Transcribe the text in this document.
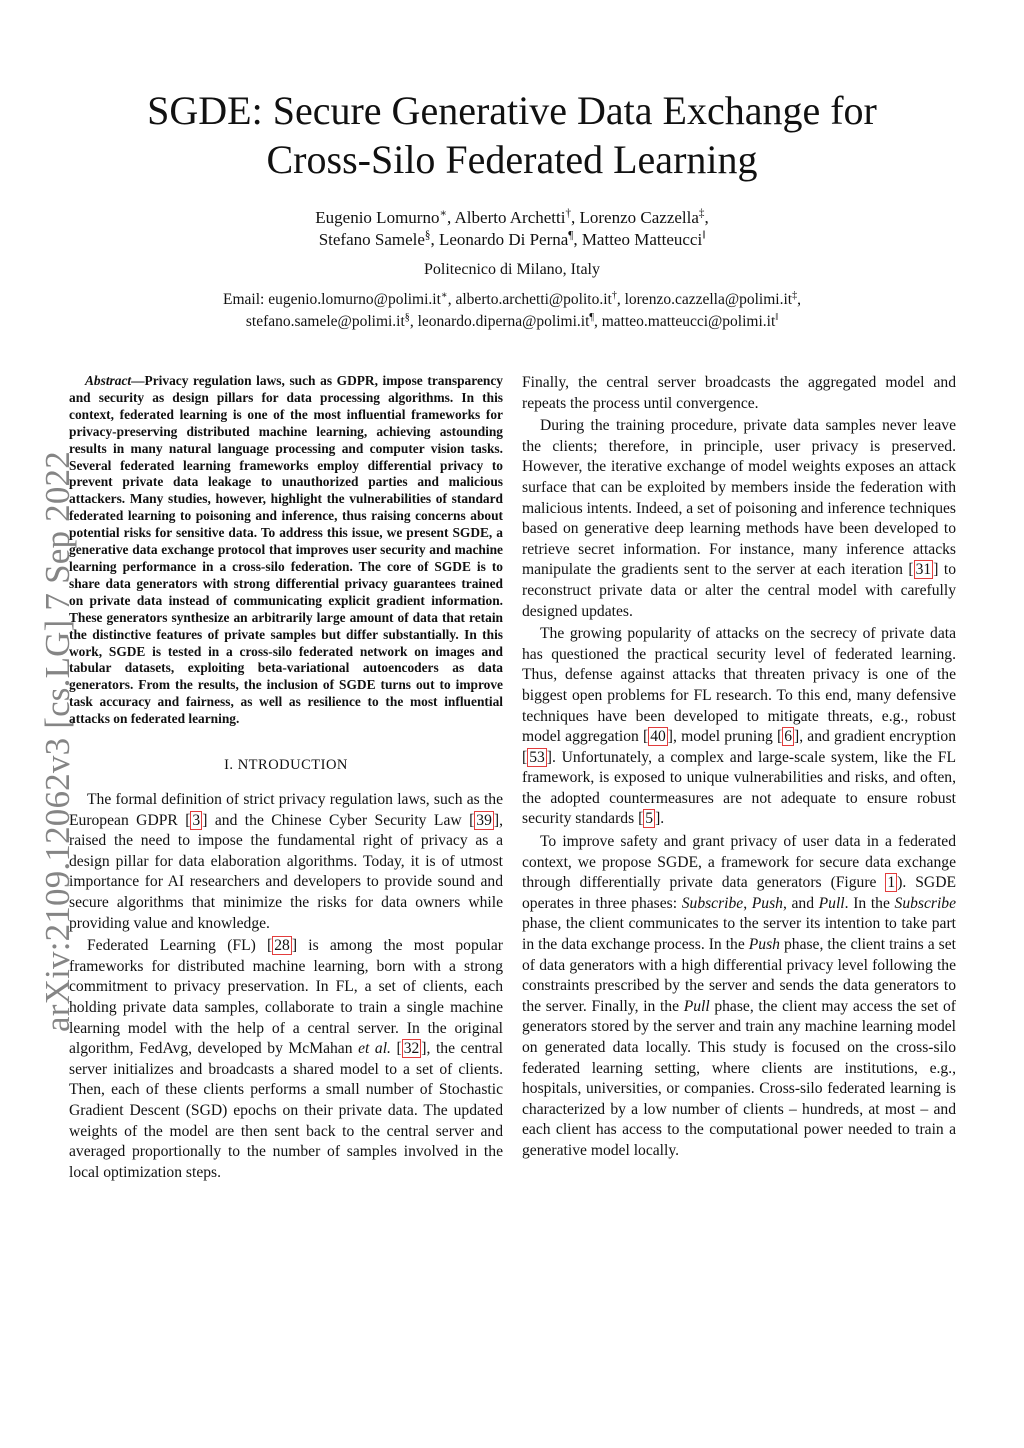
arXiv:2109.12062v3 [cs.LG] 7 Sep 2022
SGDE: Secure Generative Data Exchange for
Cross-Silo Federated Learning
Eugenio Lomurno∗, Alberto Archetti†, Lorenzo Cazzella‡,
Stefano Samele§, Leonardo Di Perna¶, Matteo Matteucci‖
Politecnico di Milano, Italy
Email: eugenio.lomurno@polimi.it∗, alberto.archetti@polito.it†, lorenzo.cazzella@polimi.it‡,
stefano.samele@polimi.it§, leonardo.diperna@polimi.it¶, matteo.matteucci@polimi.it‖

Abstract—Privacy regulation laws, such as GDPR, impose transparency and security as design pillars for data processing algorithms. In this context, federated learning is one of the most influential frameworks for privacy-preserving distributed machine learning, achieving astounding results in many natural language processing and computer vision tasks. Several federated learning frameworks employ differential privacy to prevent private data leakage to unauthorized parties and malicious attackers. Many studies, however, highlight the vulnerabilities of standard federated learning to poisoning and inference, thus raising concerns about potential risks for sensitive data. To address this issue, we present SGDE, a generative data exchange protocol that improves user security and machine learning performance in a cross-silo federation. The core of SGDE is to share data generators with strong differential privacy guarantees trained on private data instead of communicating explicit gradient information. These generators synthesize an arbitrarily large amount of data that retain the distinctive features of private samples but differ substantially. In this work, SGDE is tested in a cross-silo federated network on images and tabular datasets, exploiting beta-variational autoencoders as data generators. From the results, the inclusion of SGDE turns out to improve task accuracy and fairness, as well as resilience to the most influential attacks on federated learning.

I. NTRODUCTION

The formal definition of strict privacy regulation laws, such as the European GDPR [ 3 ] and the Chinese Cyber Security Law [ 39 ], raised the need to impose the fundamental right of privacy as a design pillar for data elaboration algorithms. Today, it is of utmost importance for AI researchers and developers to provide sound and secure algorithms that minimize the risks for data owners while providing value and knowledge.

Federated Learning (FL) [ 28 ] is among the most popular frameworks for distributed machine learning, born with a strong commitment to privacy preservation. In FL, a set of clients, each holding private data samples, collaborate to train a single machine learning model with the help of a central server. In the original algorithm, FedAvg, developed by McMahan et al. [ 32 ], the central server initializes and broadcasts a shared model to a set of clients. Then, each of these clients performs a small number of Stochastic Gradient Descent (SGD) epochs on their private data. The updated weights of the model are then sent back to the central server and averaged proportionally to the number of samples involved in the local optimization steps.

Finally, the central server broadcasts the aggregated model and repeats the process until convergence.

During the training procedure, private data samples never leave the clients; therefore, in principle, user privacy is preserved. However, the iterative exchange of model weights exposes an attack surface that can be exploited by members inside the federation with malicious intents. Indeed, a set of poisoning and inference techniques based on generative deep learning methods have been developed to retrieve secret information. For instance, many inference attacks manipulate the gradients sent to the server at each iteration [ 31 ] to reconstruct private data or alter the central model with carefully designed updates.

The growing popularity of attacks on the secrecy of private data has questioned the practical security level of federated learning. Thus, defense against attacks that threaten privacy is one of the biggest open problems for FL research. To this end, many defensive techniques have been developed to mitigate threats, e.g., robust model aggregation [ 40 ], model pruning [ 6 ], and gradient encryption [ 53 ]. Unfortunately, a complex and large-scale system, like the FL framework, is exposed to unique vulnerabilities and risks, and often, the adopted countermeasures are not adequate to ensure robust security standards [ 5 ].

To improve safety and grant privacy of user data in a federated context, we propose SGDE, a framework for secure data exchange through differentially private data generators (Figure 1 ). SGDE operates in three phases: Subscribe, Push, and Pull. In the Subscribe phase, the client communicates to the server its intention to take part in the data exchange process. In the Push phase, the client trains a set of data generators with a high differential privacy level following the constraints prescribed by the server and sends the data generators to the server. Finally, in the Pull phase, the client may access the set of generators stored by the server and train any machine learning model on generated data locally. This study is focused on the cross-silo federated learning setting, where clients are institutions, e.g., hospitals, universities, or companies. Cross-silo federated learning is characterized by a low number of clients – hundreds, at most – and each client has access to the computational power needed to train a generative model locally.
